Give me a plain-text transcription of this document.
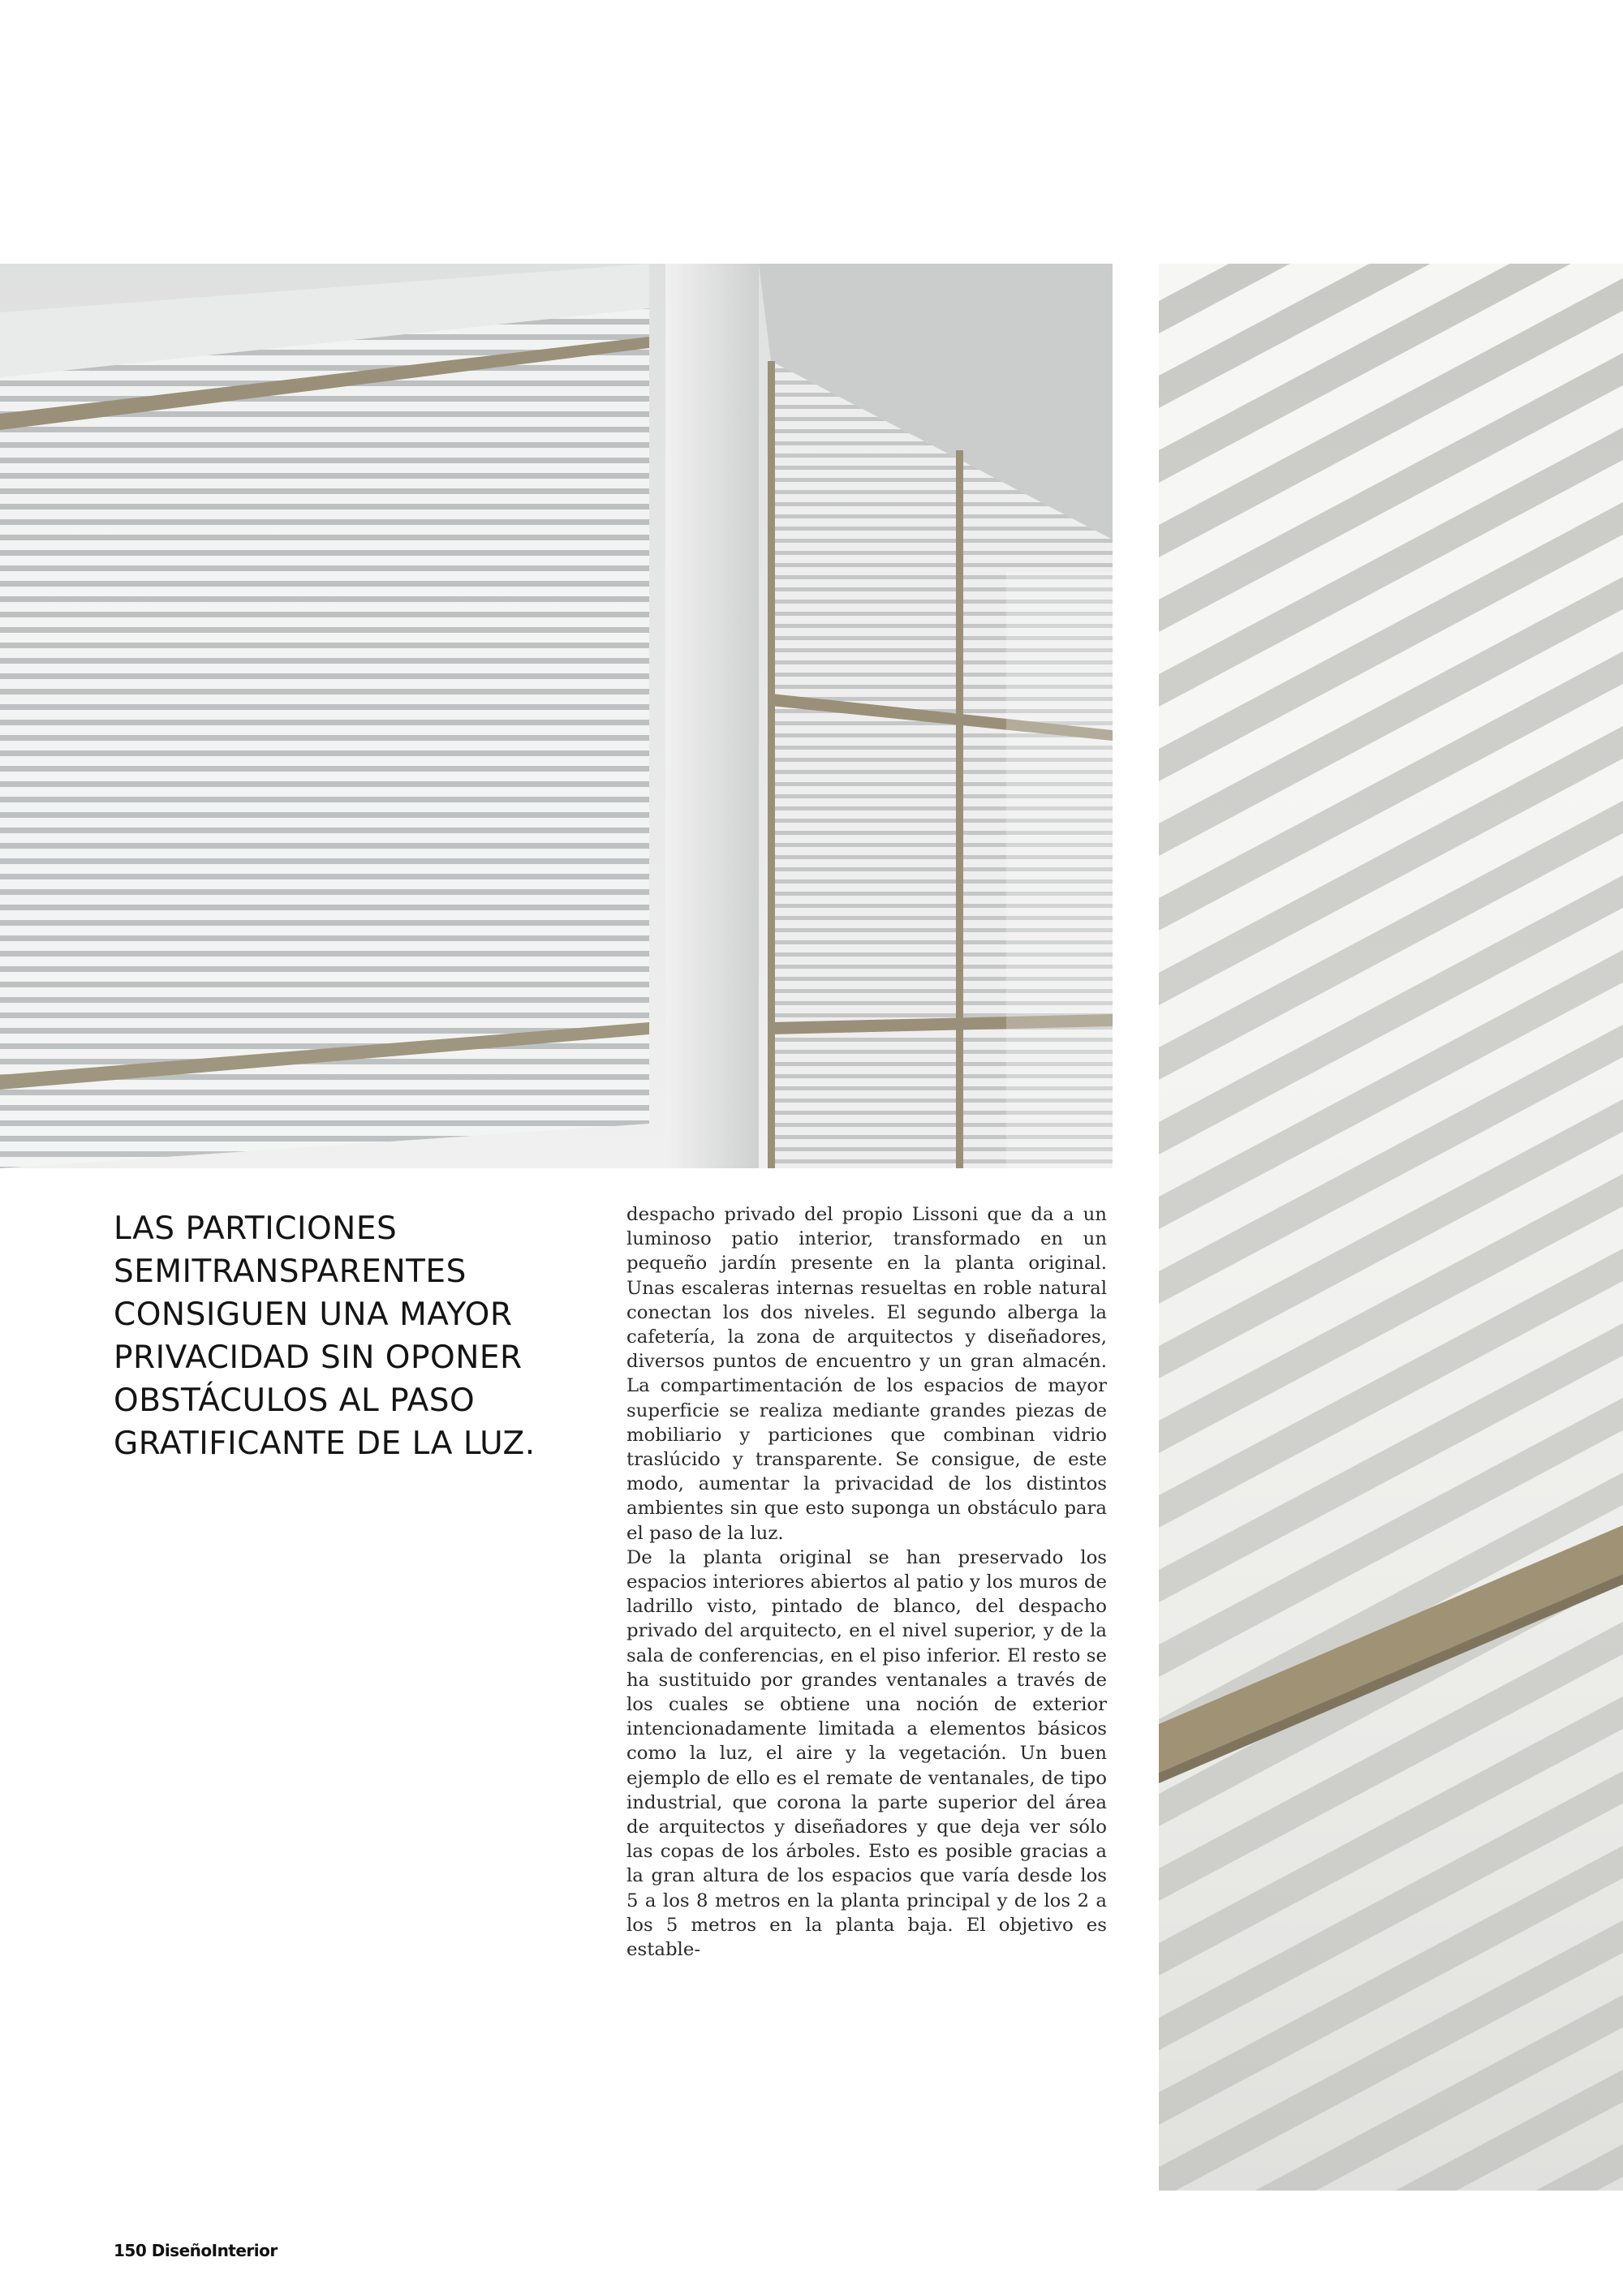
LAS PARTICIONES
SEMITRANSPARENTES
CONSIGUEN UNA MAYOR
PRIVACIDAD SIN OPONER
OBSTÁCULOS AL PASO
GRATIFICANTE DE LA LUZ.

despacho privado del propio Lissoni que da a un luminoso patio interior, transformado en un pequeño jardín presente en la planta original. Unas escaleras internas resueltas en roble natural conectan los dos niveles. El segundo alberga la cafetería, la zona de arquitectos y diseñadores, diversos puntos de encuentro y un gran almacén. La compartimentación de los espacios de mayor superficie se realiza mediante grandes piezas de mobiliario y particiones que combinan vidrio traslúcido y transparente. Se consigue, de este modo, aumentar la privacidad de los distintos ambientes sin que esto suponga un obstáculo para el paso de la luz.

De la planta original se han preservado los espacios interiores abiertos al patio y los muros de ladrillo visto, pintado de blanco, del despacho privado del arquitecto, en el nivel superior, y de la sala de conferencias, en el piso inferior. El resto se ha sustituido por grandes ventanales a través de los cuales se obtiene una noción de exterior intencionadamente limitada a elementos básicos como la luz, el aire y la vegetación. Un buen ejemplo de ello es el remate de ventanales, de tipo industrial, que corona la parte superior del área de arquitectos y diseñadores y que deja ver sólo las copas de los árboles. Esto es posible gracias a la gran altura de los espacios que varía desde los 5 a los 8 metros en la planta principal y de los 2 a los 5 metros en la planta baja. El objetivo es estable-

150 DiseñoInterior
